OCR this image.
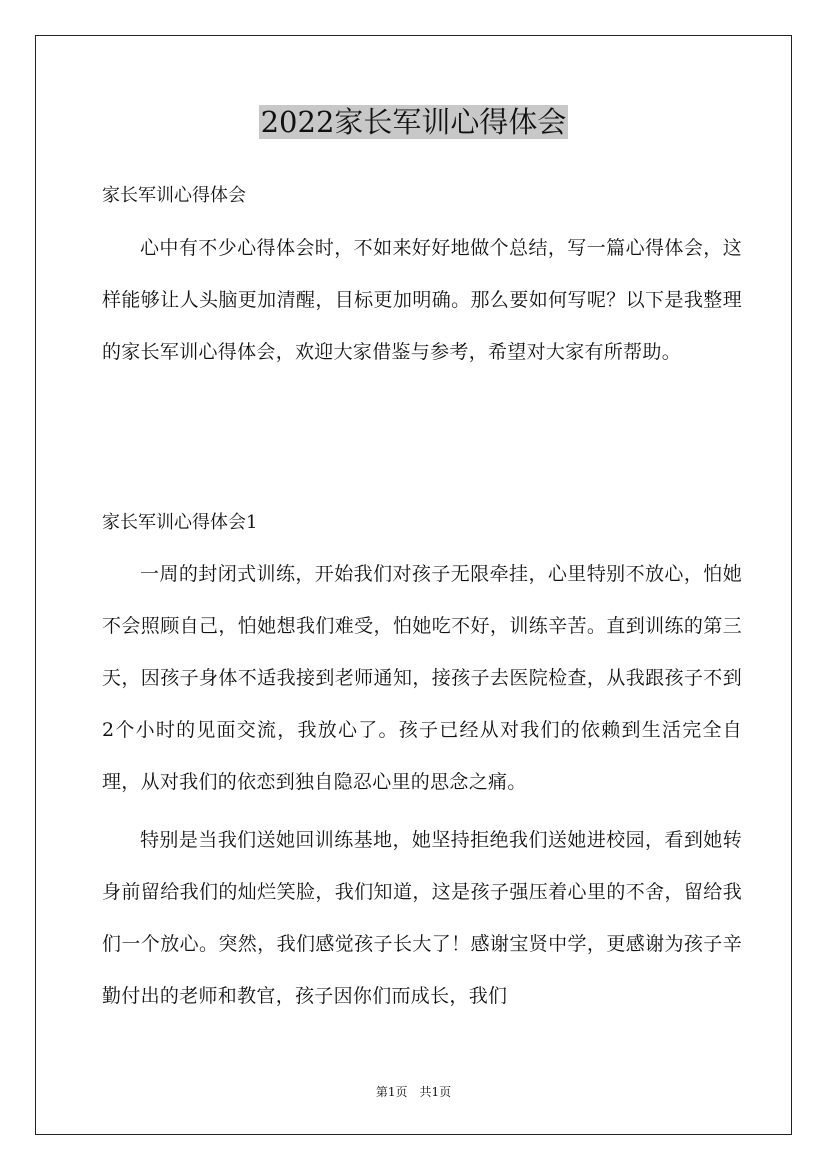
2022家长军训心得体会
家长军训心得体会

心中有不少心得体会时，不如来好好地做个总结，写一篇心得体会，这样能够让人头脑更加清醒，目标更加明确。那么要如何写呢？以下是我整理的家长军训心得体会，欢迎大家借鉴与参考，希望对大家有所帮助。

家长军训心得体会1

一周的封闭式训练，开始我们对孩子无限牵挂，心里特别不放心，怕她不会照顾自己，怕她想我们难受，怕她吃不好，训练辛苦。直到训练的第三天，因孩子身体不适我接到老师通知，接孩子去医院检查，从我跟孩子不到2个小时的见面交流，我放心了。孩子已经从对我们的依赖到生活完全自理，从对我们的依恋到独自隐忍心里的思念之痛。

特别是当我们送她回训练基地，她坚持拒绝我们送她进校园，看到她转身前留给我们的灿烂笑脸，我们知道，这是孩子强压着心里的不舍，留给我们一个放心。突然，我们感觉孩子长大了！感谢宝贤中学，更感谢为孩子辛勤付出的老师和教官，孩子因你们而成长，我们

第1页　共1页
